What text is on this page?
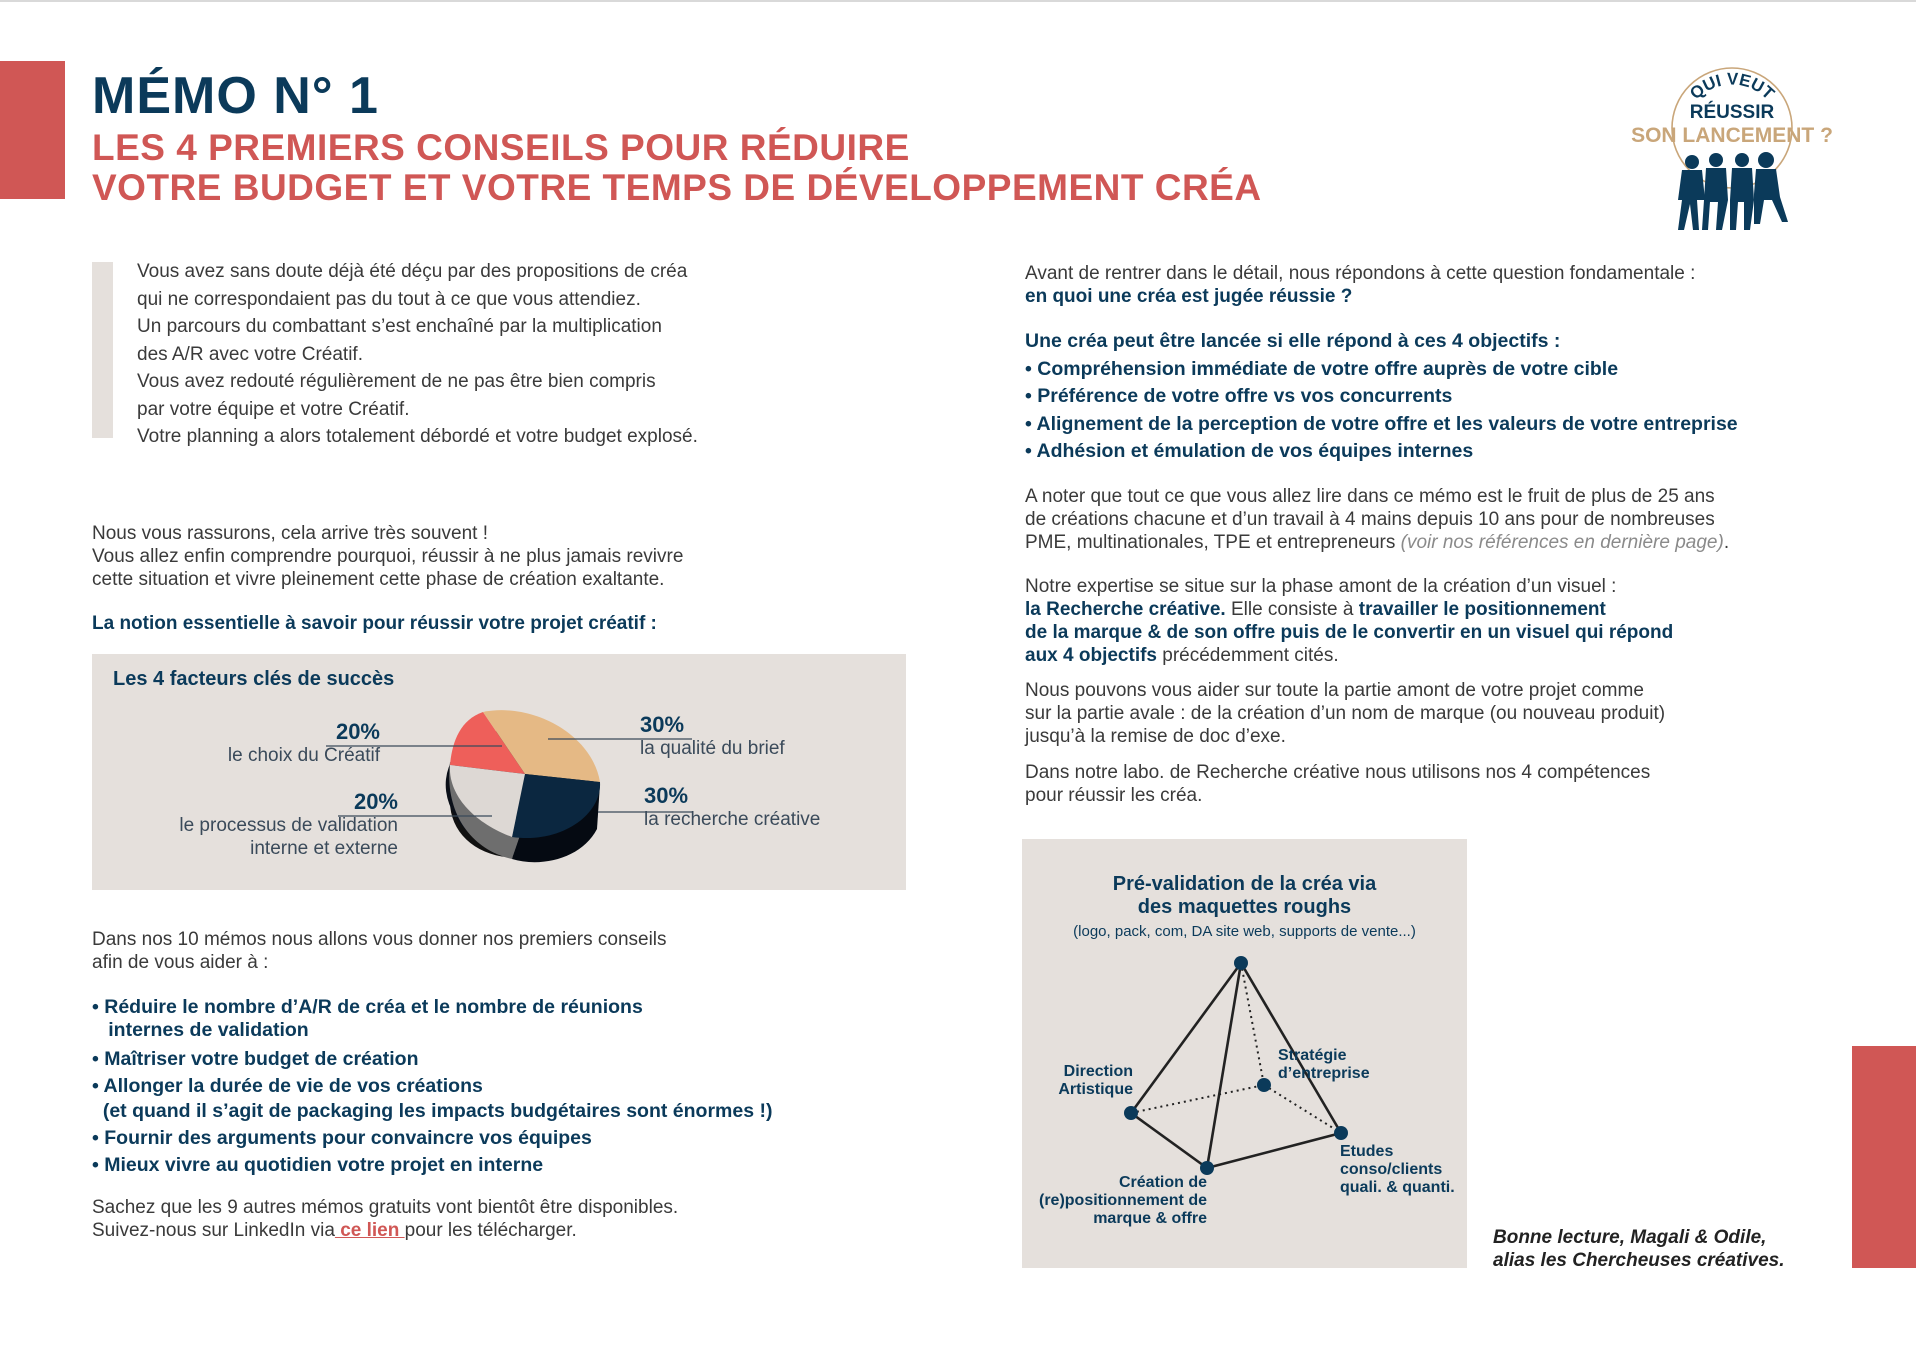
MÉMO N° 1
LES 4 PREMIERS CONSEILS POUR RÉDUIRE
VOTRE BUDGET ET VOTRE TEMPS DE DÉVELOPPEMENT CRÉA
QUI VEUT
RÉUSSIR
SON LANCEMENT ?
Vous avez sans doute déjà été déçu par des propositions de créa
qui ne correspondaient pas du tout à ce que vous attendiez.
Un parcours du combattant s’est enchaîné par la multiplication
des A/R avec votre Créatif.
Vous avez redouté régulièrement de ne pas être bien compris
par votre équipe et votre Créatif.
Votre planning a alors totalement débordé et votre budget explosé.
Nous vous rassurons, cela arrive très souvent !
Vous allez enfin comprendre pourquoi, réussir à ne plus jamais revivre
cette situation et vivre pleinement cette phase de création exaltante.
La notion essentielle à savoir pour réussir votre projet créatif :
Les 4 facteurs clés de succès
20%
le choix du Créatif
30%
la qualité du brief
30%
la recherche créative
20%
le processus de validation interne et externe
Dans nos 10 mémos nous allons vous donner nos premiers conseils
afin de vous aider à :
• Réduire le nombre d’A/R de créa et le nombre de réunions
internes de validation
• Maîtriser votre budget de création
• Allonger la durée de vie de vos créations
(et quand il s’agit de packaging les impacts budgétaires sont énormes !)
• Fournir des arguments pour convaincre vos équipes
• Mieux vivre au quotidien votre projet en interne
Sachez que les 9 autres mémos gratuits vont bientôt être disponibles.
Suivez-nous sur LinkedIn via ce lien pour les télécharger.
Avant de rentrer dans le détail, nous répondons à cette question fondamentale :
en quoi une créa est jugée réussie ?
Une créa peut être lancée si elle répond à ces 4 objectifs :
• Compréhension immédiate de votre offre auprès de votre cible
• Préférence de votre offre vs vos concurrents
• Alignement de la perception de votre offre et les valeurs de votre entreprise
• Adhésion et émulation de vos équipes internes
A noter que tout ce que vous allez lire dans ce mémo est le fruit de plus de 25 ans
de créations chacune et d’un travail à 4 mains depuis 10 ans pour de nombreuses
PME, multinationales, TPE et entrepreneurs (voir nos références en dernière page).
Notre expertise se situe sur la phase amont de la création d’un visuel :
la Recherche créative. Elle consiste à travailler le positionnement
de la marque & de son offre puis de le convertir en un visuel qui répond
aux 4 objectifs précédemment cités.
Nous pouvons vous aider sur toute la partie amont de votre projet comme
sur la partie avale : de la création d’un nom de marque (ou nouveau produit)
jusqu’à la remise de doc d’exe.
Dans notre labo. de Recherche créative nous utilisons nos 4 compétences
pour réussir les créa.
Pré-validation de la créa via
des maquettes roughs
(logo, pack, com, DA site web, supports de vente...)
Direction
Artistique
Stratégie
d’entreprise
Etudes
conso/clients
quali. & quanti.
Création de
(re)positionnement de
marque & offre
Bonne lecture, Magali & Odile,
alias les Chercheuses créatives.
